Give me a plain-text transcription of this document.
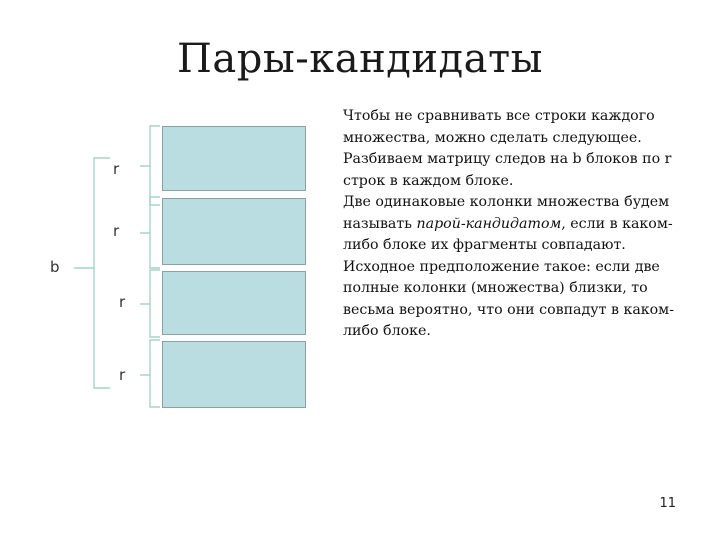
Пары-кандидаты
r
r
r
r
b

Чтобы не сравнивать все строки каждого множества, можно сделать следующее.

Разбиваем матрицу следов на b блоков по r строк в каждом блоке.

Две одинаковые колонки множества будем называть парой-кандидатом, если в каком-либо блоке их фрагменты совпадают. Исходное предположение такое: если две полные колонки (множества) близки, то весьма вероятно, что они совпадут в каком-либо блоке.

11
